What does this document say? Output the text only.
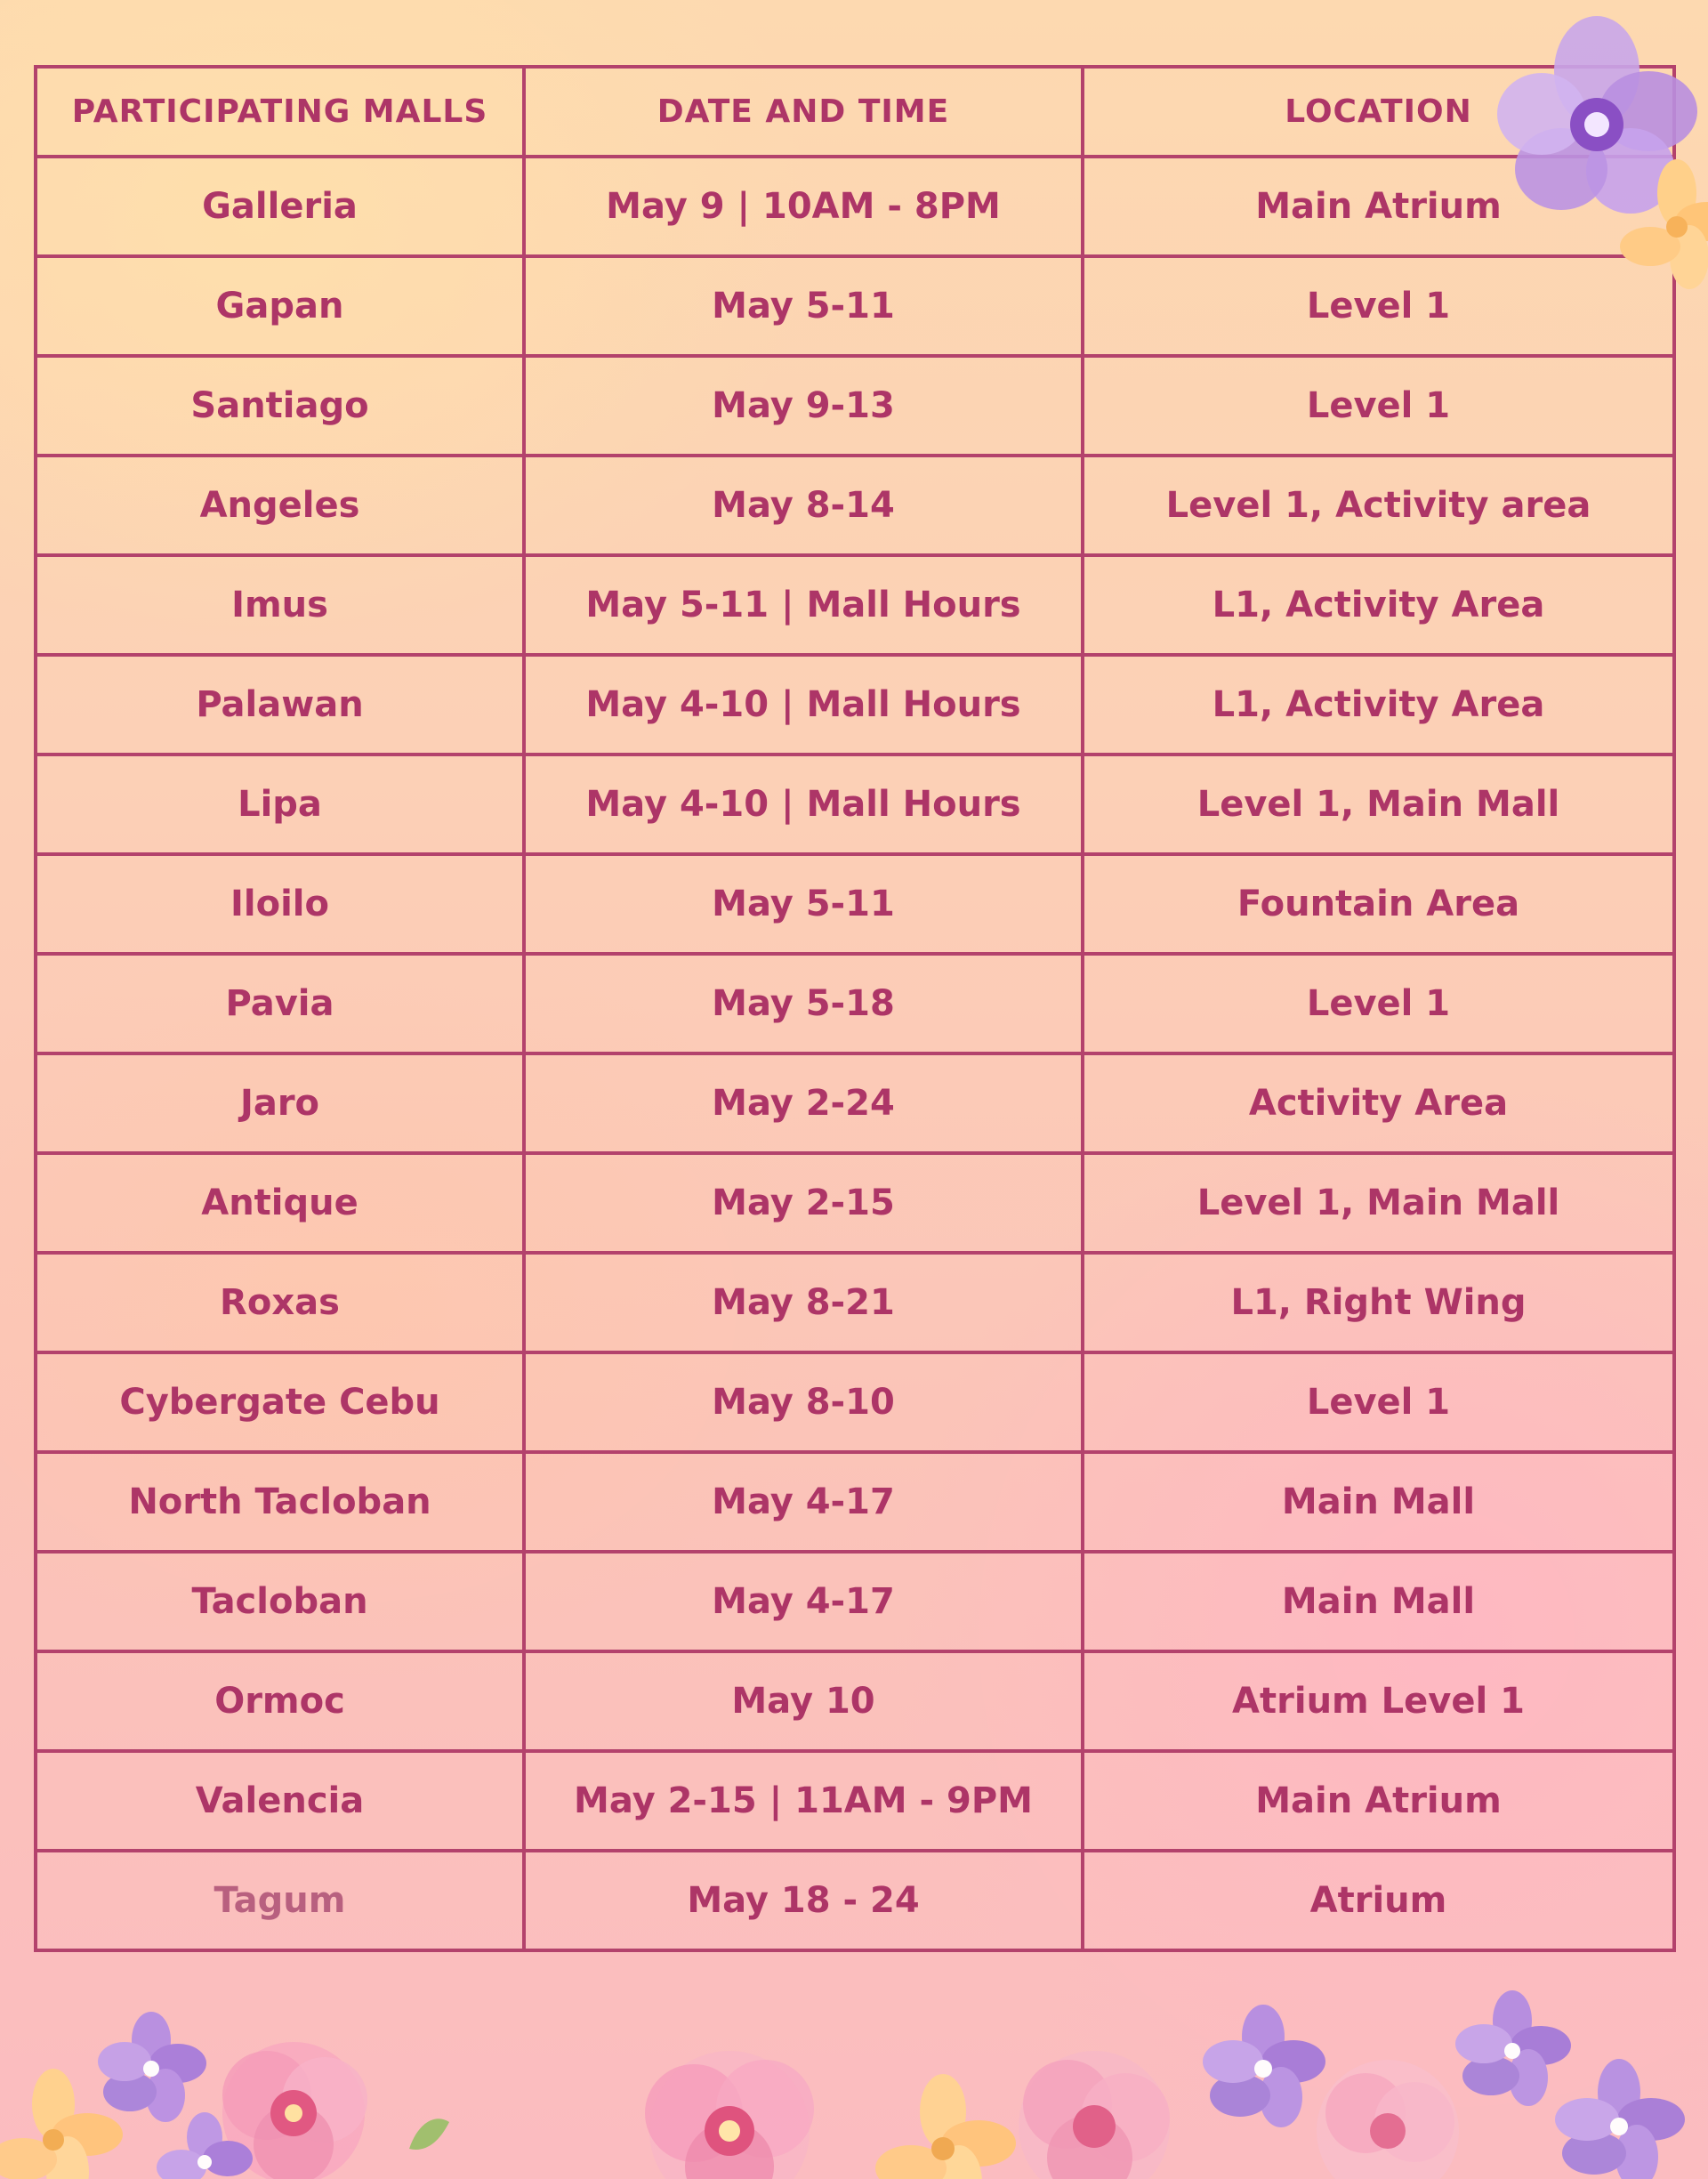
PARTICIPATING MALLS	DATE AND TIME	LOCATION
Galleria	May 9 | 10AM - 8PM	Main Atrium
Gapan	May 5-11	Level 1
Santiago	May 9-13	Level 1
Angeles	May 8-14	Level 1, Activity area
Imus	May 5-11 | Mall Hours	L1, Activity Area
Palawan	May 4-10 | Mall Hours	L1, Activity Area
Lipa	May 4-10 | Mall Hours	Level 1, Main Mall
Iloilo	May 5-11	Fountain Area
Pavia	May 5-18	Level 1
Jaro	May 2-24	Activity Area
Antique	May 2-15	Level 1, Main Mall
Roxas	May 8-21	L1, Right Wing
Cybergate Cebu	May 8-10	Level 1
North Tacloban	May 4-17	Main Mall
Tacloban	May 4-17	Main Mall
Ormoc	May 10	Atrium Level 1
Valencia	May 2-15 | 11AM - 9PM	Main Atrium
Tagum	May 18 - 24	Atrium
